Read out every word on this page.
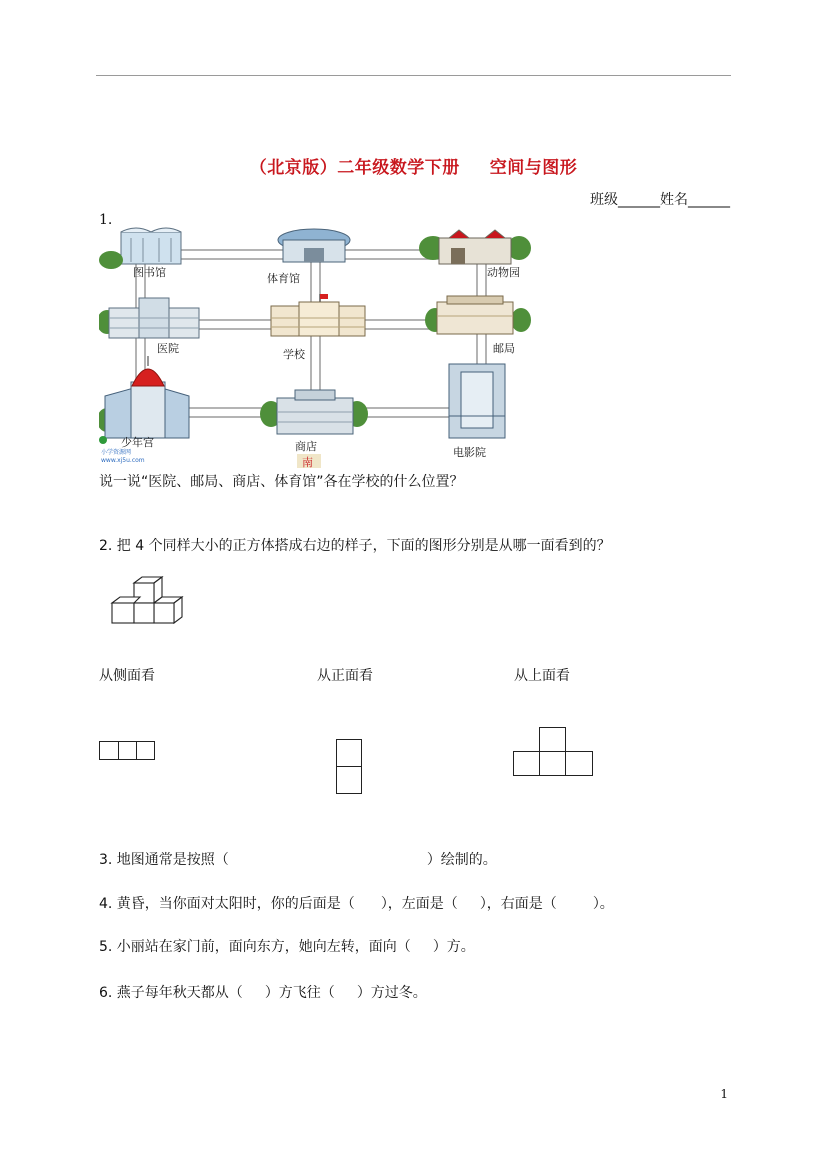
（北京版）二年级数学下册 空间与图形
班级______姓名______
1.
图书馆	体育馆	动物园
医院	学校	邮局
少年宫	商店	电影院
小学资源网
www.xj5u.com	南
说一说“医院、邮局、商店、体育馆”各在学校的什么位置？
2. 把 4 个同样大小的正方体搭成右边的样子，下面的图形分别是从哪一面看到的？
从侧面看	从正面看	从上面看
3. 地图通常是按照（	）绘制的。
4. 黄昏，当你面对太阳时，你的后面是（ ），左面是（ ），右面是（	）。
5. 小丽站在家门前，面向东方，她向左转，面向（ ）方。
6. 燕子每年秋天都从（ ）方飞往（ ）方过冬。
1
